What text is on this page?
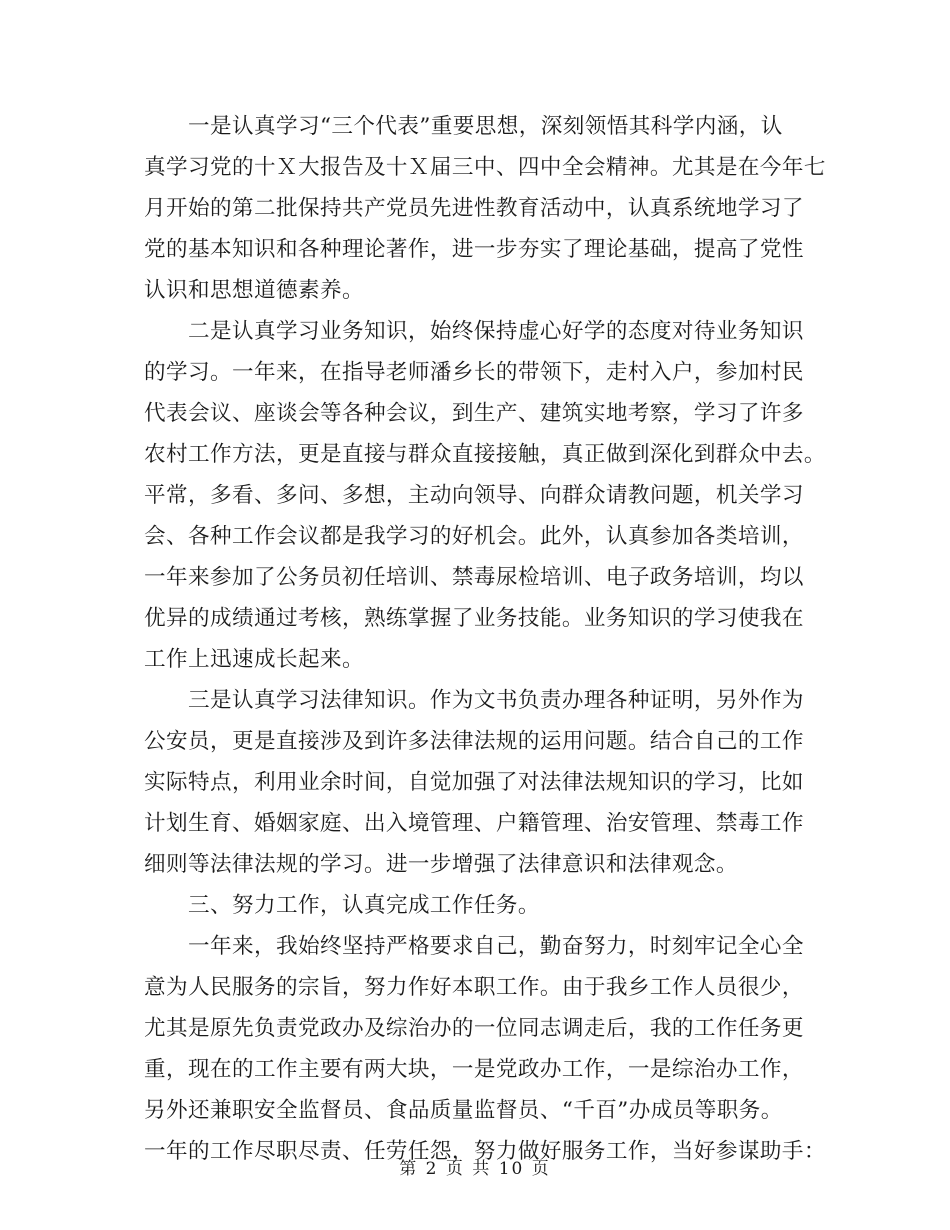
一是认真学习“三个代表”重要思想，深刻领悟其科学内涵，认
真学习党的十Ｘ大报告及十Ｘ届三中、四中全会精神。尤其是在今年七
月开始的第二批保持共产党员先进性教育活动中，认真系统地学习了
党的基本知识和各种理论著作，进一步夯实了理论基础，提高了党性
认识和思想道德素养。
二是认真学习业务知识，始终保持虚心好学的态度对待业务知识
的学习。一年来，在指导老师潘乡长的带领下，走村入户，参加村民
代表会议、座谈会等各种会议，到生产、建筑实地考察，学习了许多
农村工作方法，更是直接与群众直接接触，真正做到深化到群众中去。
平常，多看、多问、多想，主动向领导、向群众请教问题，机关学习
会、各种工作会议都是我学习的好机会。此外，认真参加各类培训，
一年来参加了公务员初任培训、禁毒尿检培训、电子政务培训，均以
优异的成绩通过考核，熟练掌握了业务技能。业务知识的学习使我在
工作上迅速成长起来。
三是认真学习法律知识。作为文书负责办理各种证明，另外作为
公安员，更是直接涉及到许多法律法规的运用问题。结合自己的工作
实际特点，利用业余时间，自觉加强了对法律法规知识的学习，比如
计划生育、婚姻家庭、出入境管理、户籍管理、治安管理、禁毒工作
细则等法律法规的学习。进一步增强了法律意识和法律观念。
三、努力工作，认真完成工作任务。
一年来，我始终坚持严格要求自己，勤奋努力，时刻牢记全心全
意为人民服务的宗旨，努力作好本职工作。由于我乡工作人员很少，
尤其是原先负责党政办及综治办的一位同志调走后，我的工作任务更
重，现在的工作主要有两大块，一是党政办工作，一是综治办工作，
另外还兼职安全监督员、食品质量监督员、“千百”办成员等职务。
一年的工作尽职尽责、任劳任怨，努力做好服务工作，当好参谋助手：
第 2 页 共 10 页
